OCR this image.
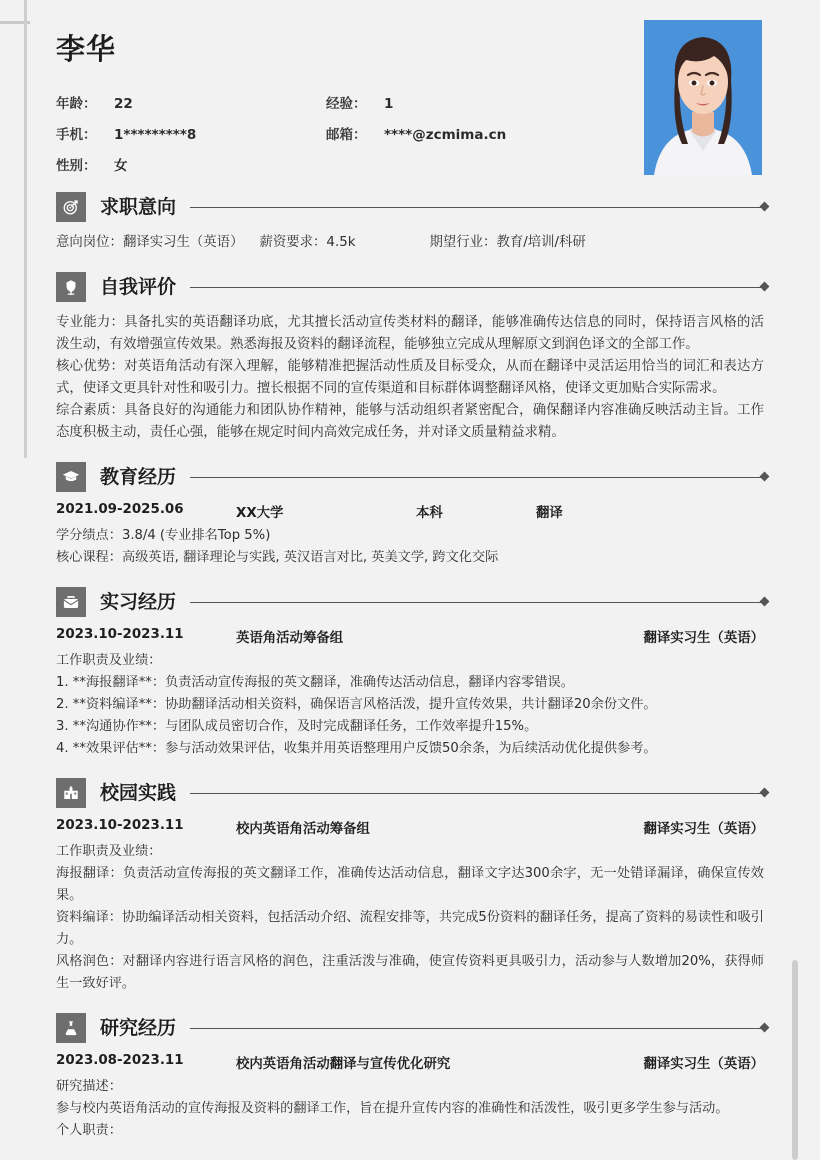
李华
年龄：	22	经验：	1
手机：	1*********8	邮箱：	****@zcmima.cn
性别：	女
求职意向
意向岗位：翻译实习生（英语） 薪资要求：4.5k	期望行业：教育/培训/科研
自我评价

专业能力：具备扎实的英语翻译功底，尤其擅长活动宣传类材料的翻译，能够准确传达信息的同时，保持语言风格的活泼生动，有效增强宣传效果。熟悉海报及资料的翻译流程，能够独立完成从理解原文到润色译文的全部工作。

核心优势：对英语角活动有深入理解，能够精准把握活动性质及目标受众，从而在翻译中灵活运用恰当的词汇和表达方式，使译文更具针对性和吸引力。擅长根据不同的宣传渠道和目标群体调整翻译风格，使译文更加贴合实际需求。

综合素质：具备良好的沟通能力和团队协作精神，能够与活动组织者紧密配合，确保翻译内容准确反映活动主旨。工作态度积极主动，责任心强，能够在规定时间内高效完成任务，并对译文质量精益求精。

教育经历
2021.09-2025.06	XX大学	本科	翻译

学分绩点：3.8/4 (专业排名Top 5%)

核心课程：高级英语, 翻译理论与实践, 英汉语言对比, 英美文学, 跨文化交际

实习经历
2023.10-2023.11	英语角活动筹备组	翻译实习生（英语）

工作职责及业绩：

1. **海报翻译**：负责活动宣传海报的英文翻译，准确传达活动信息，翻译内容零错误。

2. **资料编译**：协助翻译活动相关资料，确保语言风格活泼，提升宣传效果，共计翻译20余份文件。

3. **沟通协作**：与团队成员密切合作，及时完成翻译任务，工作效率提升15%。

4. **效果评估**：参与活动效果评估，收集并用英语整理用户反馈50余条，为后续活动优化提供参考。

校园实践
2023.10-2023.11	校内英语角活动筹备组	翻译实习生（英语）

工作职责及业绩：

海报翻译：负责活动宣传海报的英文翻译工作，准确传达活动信息，翻译文字达300余字，无一处错译漏译，确保宣传效果。

资料编译：协助编译活动相关资料，包括活动介绍、流程安排等，共完成5份资料的翻译任务，提高了资料的易读性和吸引力。

风格润色：对翻译内容进行语言风格的润色，注重活泼与准确，使宣传资料更具吸引力，活动参与人数增加20%，获得师生一致好评。

研究经历
2023.08-2023.11	校内英语角活动翻译与宣传优化研究	翻译实习生（英语）

研究描述：

参与校内英语角活动的宣传海报及资料的翻译工作，旨在提升宣传内容的准确性和活泼性，吸引更多学生参与活动。

个人职责：
